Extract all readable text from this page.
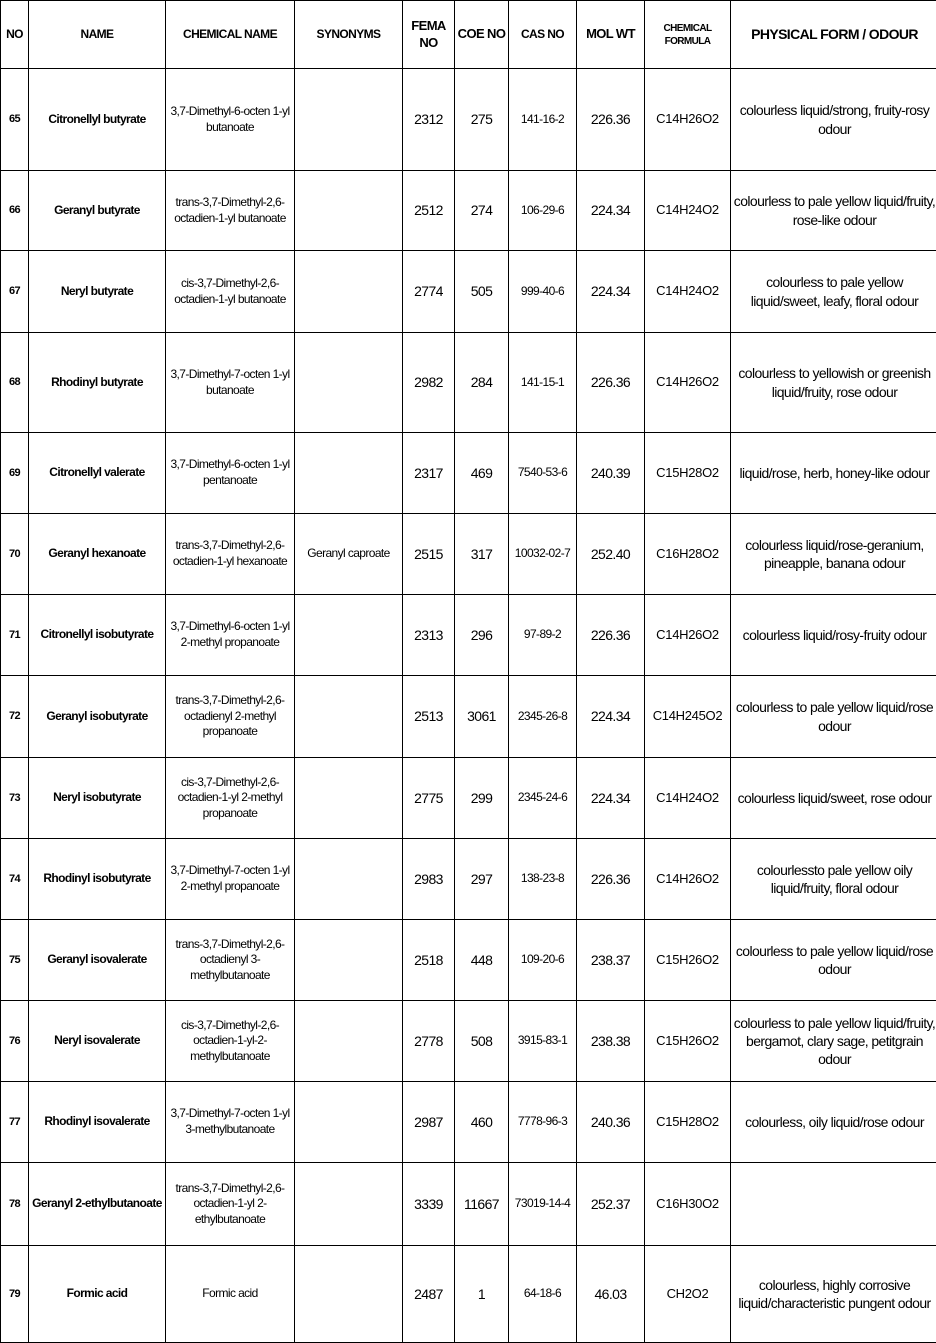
NO	NAME	CHEMICAL NAME	SYNONYMS	FEMA NO	COE NO	CAS NO	MOL WT	CHEMICAL FORMULA	PHYSICAL FORM / ODOUR
65	Citronellyl butyrate	3,7-Dimethyl-6-octen 1-yl butanoate		2312	275	141-16-2	226.36	C14H26O2	colourless liquid/strong, fruity-rosy odour
66	Geranyl butyrate	trans-3,7-Dimethyl-2,6-octadien-1-yl butanoate		2512	274	106-29-6	224.34	C14H24O2	colourless to pale yellow liquid/fruity, rose-like odour
67	Neryl butyrate	cis-3,7-Dimethyl-2,6-octadien-1-yl butanoate		2774	505	999-40-6	224.34	C14H24O2	colourless to pale yellow liquid/sweet, leafy, floral odour
68	Rhodinyl butyrate	3,7-Dimethyl-7-octen 1-yl butanoate		2982	284	141-15-1	226.36	C14H26O2	colourless to yellowish or greenish liquid/fruity, rose odour
69	Citronellyl valerate	3,7-Dimethyl-6-octen 1-yl pentanoate		2317	469	7540-53-6	240.39	C15H28O2	liquid/rose, herb, honey-like odour
70	Geranyl hexanoate	trans-3,7-Dimethyl-2,6-octadien-1-yl hexanoate	Geranyl caproate	2515	317	10032-02-7	252.40	C16H28O2	colourless liquid/rose-geranium, pineapple, banana odour
71	Citronellyl isobutyrate	3,7-Dimethyl-6-octen 1-yl 2-methyl propanoate		2313	296	97-89-2	226.36	C14H26O2	colourless liquid/rosy-fruity odour
72	Geranyl isobutyrate	trans-3,7-Dimethyl-2,6-octadienyl 2-methyl propanoate		2513	3061	2345-26-8	224.34	C14H245O2	colourless to pale yellow liquid/rose odour
73	Neryl isobutyrate	cis-3,7-Dimethyl-2,6-octadien-1-yl 2-methyl propanoate		2775	299	2345-24-6	224.34	C14H24O2	colourless liquid/sweet, rose odour
74	Rhodinyl isobutyrate	3,7-Dimethyl-7-octen 1-yl 2-methyl propanoate		2983	297	138-23-8	226.36	C14H26O2	colourlessto pale yellow oily liquid/fruity, floral odour
75	Geranyl isovalerate	trans-3,7-Dimethyl-2,6-octadienyl 3-methylbutanoate		2518	448	109-20-6	238.37	C15H26O2	colourless to pale yellow liquid/rose odour
76	Neryl isovalerate	cis-3,7-Dimethyl-2,6-octadien-1-yl-2-methylbutanoate		2778	508	3915-83-1	238.38	C15H26O2	colourless to pale yellow liquid/fruity, bergamot, clary sage, petitgrain odour
77	Rhodinyl isovalerate	3,7-Dimethyl-7-octen 1-yl 3-methylbutanoate		2987	460	7778-96-3	240.36	C15H28O2	colourless, oily liquid/rose odour
78	Geranyl 2-ethylbutanoate	trans-3,7-Dimethyl-2,6-octadien-1-yl 2-ethylbutanoate		3339	11667	73019-14-4	252.37	C16H30O2	
79	Formic acid	Formic acid		2487	1	64-18-6	46.03	CH2O2	colourless, highly corrosive liquid/characteristic pungent odour
